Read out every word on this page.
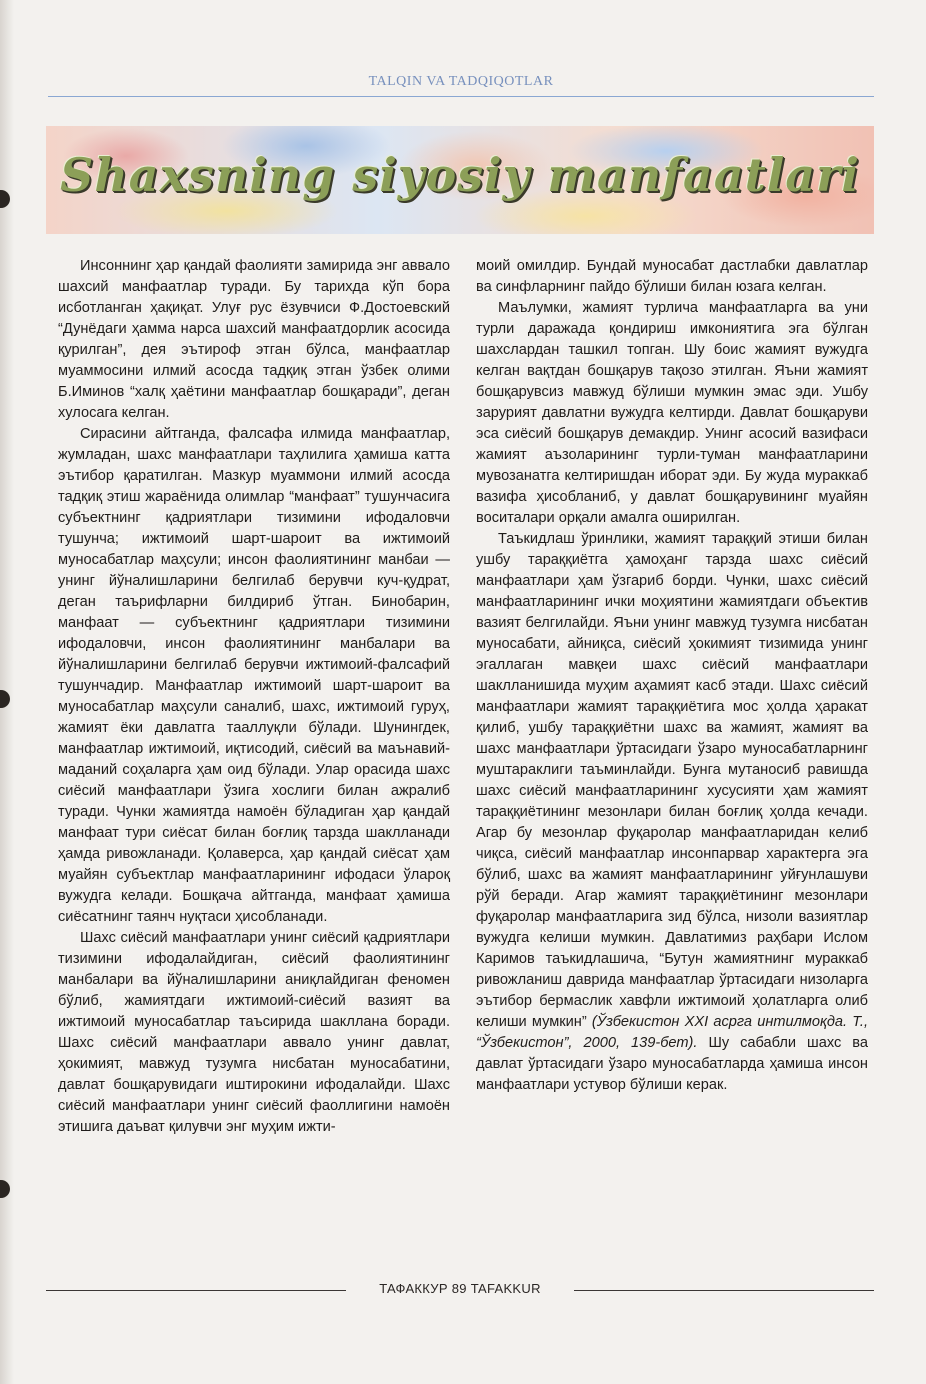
TALQIN VA TADQIQOTLAR
Shaxsning siyosiy manfaatlari

Инсоннинг ҳар қандай фаолияти замирида энг аввало шахсий манфаатлар туради. Бу тарихда кўп бора исботланган ҳақиқат. Улуғ рус ёзувчиси Ф.Достоевский “Дунёдаги ҳамма нарса шахсий манфаатдорлик асосида қурилган”, дея эътироф этган бўлса, манфаатлар муаммосини илмий асосда тадқиқ этган ўзбек олими Б.Иминов “халқ ҳаётини манфаатлар бошқаради”, деган хулосага келган.

Сирасини айтганда, фалсафа илмида манфаатлар, жумладан, шахс манфаатлари таҳлилига ҳамиша катта эътибор қаратилган. Мазкур муаммони илмий асосда тадқиқ этиш жараёнида олимлар “манфаат” тушунчасига субъектнинг қадриятлари тизимини ифодаловчи тушунча; ижтимоий шарт-шароит ва ижтимоий муносабатлар маҳсули; инсон фаолиятининг манбаи — унинг йўналишларини белгилаб берувчи куч-қудрат, деган таърифларни билдириб ўтган. Бинобарин, манфаат — субъектнинг қадриятлари тизимини ифодаловчи, инсон фаолиятининг манбалари ва йўналишларини белгилаб берувчи ижтимоий-фалсафий тушунчадир. Манфаатлар ижтимоий шарт-шароит ва муносабатлар маҳсули саналиб, шахс, ижтимоий гуруҳ, жамият ёки давлатга тааллуқли бўлади. Шунингдек, манфаатлар ижтимоий, иқтисодий, сиёсий ва маънавий-маданий соҳаларга ҳам оид бўлади. Улар орасида шахс сиёсий манфаатлари ўзига хослиги билан ажралиб туради. Чунки жамиятда намоён бўладиган ҳар қандай манфаат тури сиёсат билан боғлиқ тарзда шаклланади ҳамда ривожланади. Қолаверса, ҳар қандай сиёсат ҳам муайян субъектлар манфаатларининг ифодаси ўлароқ вужудга келади. Бошқача айтганда, манфаат ҳамиша сиёсатнинг таянч нуқтаси ҳисобланади.

Шахс сиёсий манфаатлари унинг сиёсий қадриятлари тизимини ифодалайдиган, сиёсий фаолиятининг манбалари ва йўналишларини аниқлайдиган феномен бўлиб, жамиятдаги ижтимоий-сиёсий вазият ва ижтимоий муносабатлар таъсирида шакллана боради. Шахс сиёсий манфаатлари аввало унинг давлат, ҳокимият, мавжуд тузумга нисбатан муносабатини, давлат бошқарувидаги иштирокини ифодалайди. Шахс сиёсий манфаатлари унинг сиёсий фаоллигини намоён этишига даъват қилувчи энг муҳим ижти-

моий омилдир. Бундай муносабат дастлабки давлатлар ва синфларнинг пайдо бўлиши билан юзага келган.

Маълумки, жамият турлича манфаатларга ва уни турли даражада қондириш имкониятига эга бўлган шахслардан ташкил топган. Шу боис жамият вужудга келган вақтдан бошқарув тақозо этилган. Яъни жамият бошқарувсиз мавжуд бўлиши мумкин эмас эди. Ушбу зарурият давлатни вужудга келтирди. Давлат бошқаруви эса сиёсий бошқарув демакдир. Унинг асосий вазифаси жамият аъзоларининг турли-туман манфаатларини мувозанатга келтиришдан иборат эди. Бу жуда мураккаб вазифа ҳисобланиб, у давлат бошқарувининг муайян воситалари орқали амалга оширилган.

Таъкидлаш ўринлики, жамият тараққий этиши билан ушбу тараққиётга ҳамоҳанг тарзда шахс сиёсий манфаатлари ҳам ўзгариб борди. Чунки, шахс сиёсий манфаатларининг ички моҳиятини жамиятдаги объектив вазият белгилайди. Яъни унинг мавжуд тузумга нисбатан муносабати, айниқса, сиёсий ҳокимият тизимида унинг эгаллаган мавқеи шахс сиёсий манфаатлари шаклланишида муҳим аҳамият касб этади. Шахс сиёсий манфаатлари жамият тараққиётига мос ҳолда ҳаракат қилиб, ушбу тараққиётни шахс ва жамият, жамият ва шахс манфаатлари ўртасидаги ўзаро муносабатларнинг муштараклиги таъминлайди. Бунга мутаносиб равишда шахс сиёсий манфаатларининг хусусияти ҳам жамият тараққиётининг мезонлари билан боғлиқ ҳолда кечади. Агар бу мезонлар фуқаролар манфаатларидан келиб чиқса, сиёсий манфаатлар инсонпарвар характерга эга бўлиб, шахс ва жамият манфаатларининг уйғунлашуви рўй беради. Агар жамият тараққиётининг мезонлари фуқаролар манфаатларига зид бўлса, низоли вазиятлар вужудга келиши мумкин. Давлатимиз раҳбари Ислом Каримов таъкидлашича, “Бутун жамиятнинг мураккаб ривожланиш даврида манфаатлар ўртасидаги низоларга эътибор бермаслик хавфли ижтимоий ҳолатларга олиб келиши мумкин” (Ўзбекистон XXI асрга интилмоқда. Т., “Ўзбекистон”, 2000, 139-бет). Шу сабабли шахс ва давлат ўртасидаги ўзаро муносабатларда ҳамиша инсон манфаатлари устувор бўлиши керак.

ТАФАККУР 89 TAFAKKUR
